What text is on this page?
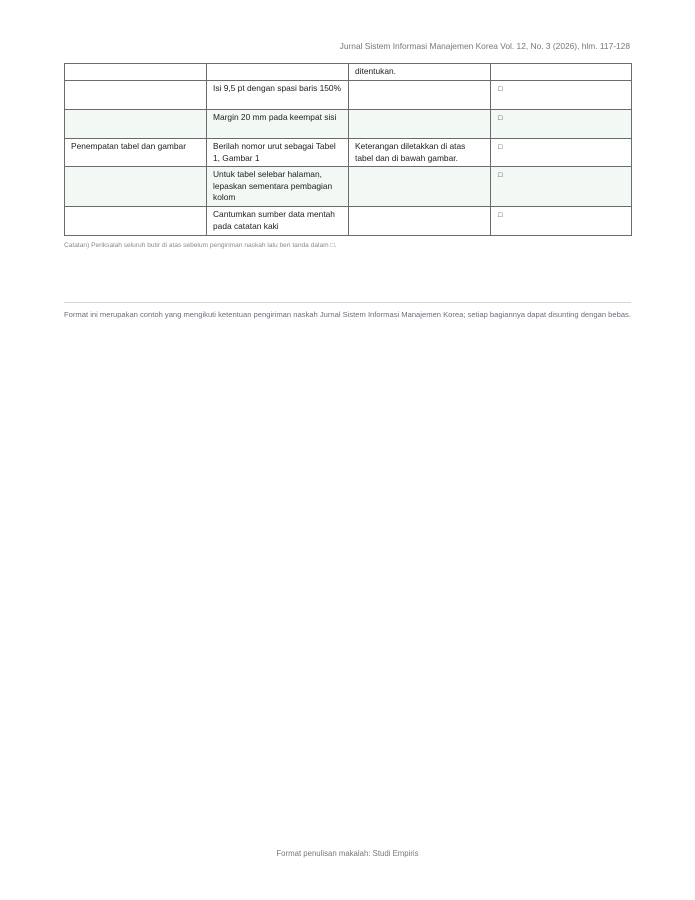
Jurnal Sistem Informasi Manajemen Korea Vol. 12, No. 3 (2026), hlm. 117-128
		ditentukan.	
	Isi 9,5 pt dengan spasi baris 150%		□
	Margin 20 mm pada keempat sisi		□
Penempatan tabel dan gambar	Berilah nomor urut sebagai Tabel 1, Gambar 1	Keterangan diletakkan di atas tabel dan di bawah gambar.	□
	Untuk tabel selebar halaman, lepaskan sementara pembagian kolom		□
	Cantumkan sumber data mentah pada catatan kaki		□
Catatan) Periksalah seluruh butir di atas sebelum pengiriman naskah lalu beri tanda dalam □.
Format ini merupakan contoh yang mengikuti ketentuan pengiriman naskah Jurnal Sistem Informasi Manajemen Korea; setiap bagiannya dapat disunting dengan bebas.
Format penulisan makalah: Studi Empiris
